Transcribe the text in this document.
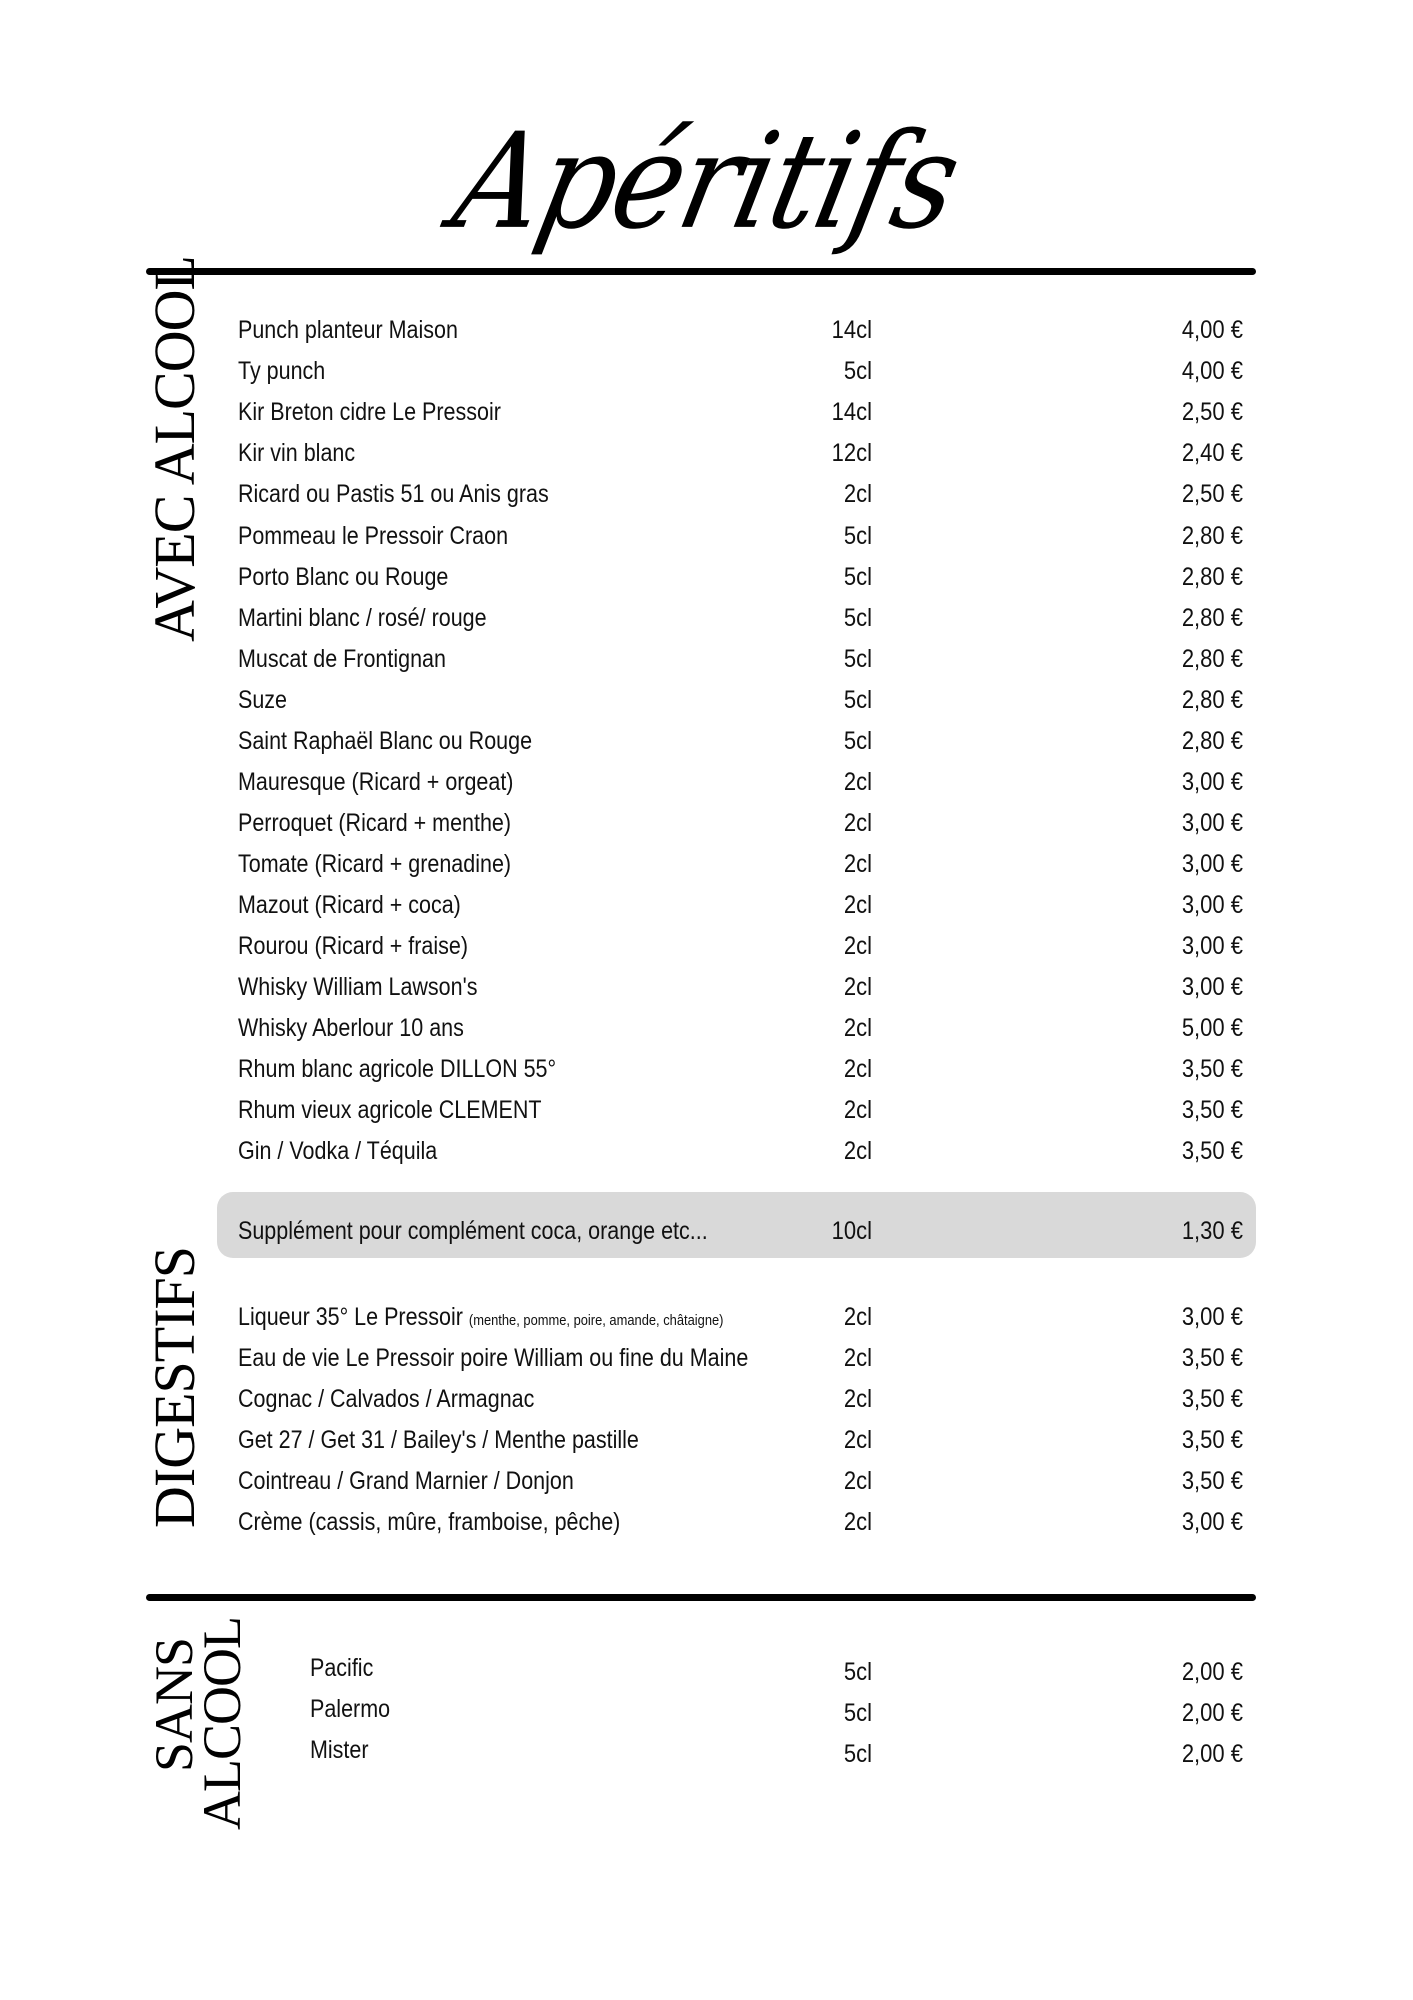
Apéritifs
AVEC ALCOOL Punch planteur Maison	14cl	4,00 €
Ty punch	5cl	4,00 €
Kir Breton cidre Le Pressoir	14cl	2,50 €
Kir vin blanc	12cl	2,40 €
Ricard ou Pastis 51 ou Anis gras	2cl	2,50 €
Pommeau le Pressoir Craon	5cl	2,80 €
Porto Blanc ou Rouge	5cl	2,80 €
Martini blanc / rosé/ rouge	5cl	2,80 €
Muscat de Frontignan	5cl	2,80 €
Suze	5cl	2,80 €
Saint Raphaël Blanc ou Rouge	5cl	2,80 €
Mauresque (Ricard + orgeat)	2cl	3,00 €
Perroquet (Ricard + menthe)	2cl	3,00 €
Tomate (Ricard + grenadine)	2cl	3,00 €
Mazout (Ricard + coca)	2cl	3,00 €
Rourou (Ricard + fraise)	2cl	3,00 €
Whisky William Lawson's	2cl	3,00 €
Whisky Aberlour 10 ans	2cl	5,00 €
Rhum blanc agricole DILLON 55°	2cl	3,50 €
Rhum vieux agricole CLEMENT	2cl	3,50 €
Gin / Vodka / Téquila	2cl	3,50 €
Supplément pour complément coca, orange etc...	10cl	1,30 €
DIGESTIFS Liqueur 35° Le Pressoir (menthe, pomme, poire, amande, châtaigne)	2cl	3,00 €
Eau de vie Le Pressoir poire William ou fine du Maine	2cl	3,50 €
Cognac / Calvados / Armagnac	2cl	3,50 €
Get 27 / Get 31 / Bailey's / Menthe pastille	2cl	3,50 €
Cointreau / Grand Marnier / Donjon	2cl	3,50 €
Crème (cassis, mûre, framboise, pêche)	2cl	3,00 €
SANS
ALCOOL Pacific	5cl	2,00 €
Palermo	5cl	2,00 €
Mister	5cl	2,00 €
